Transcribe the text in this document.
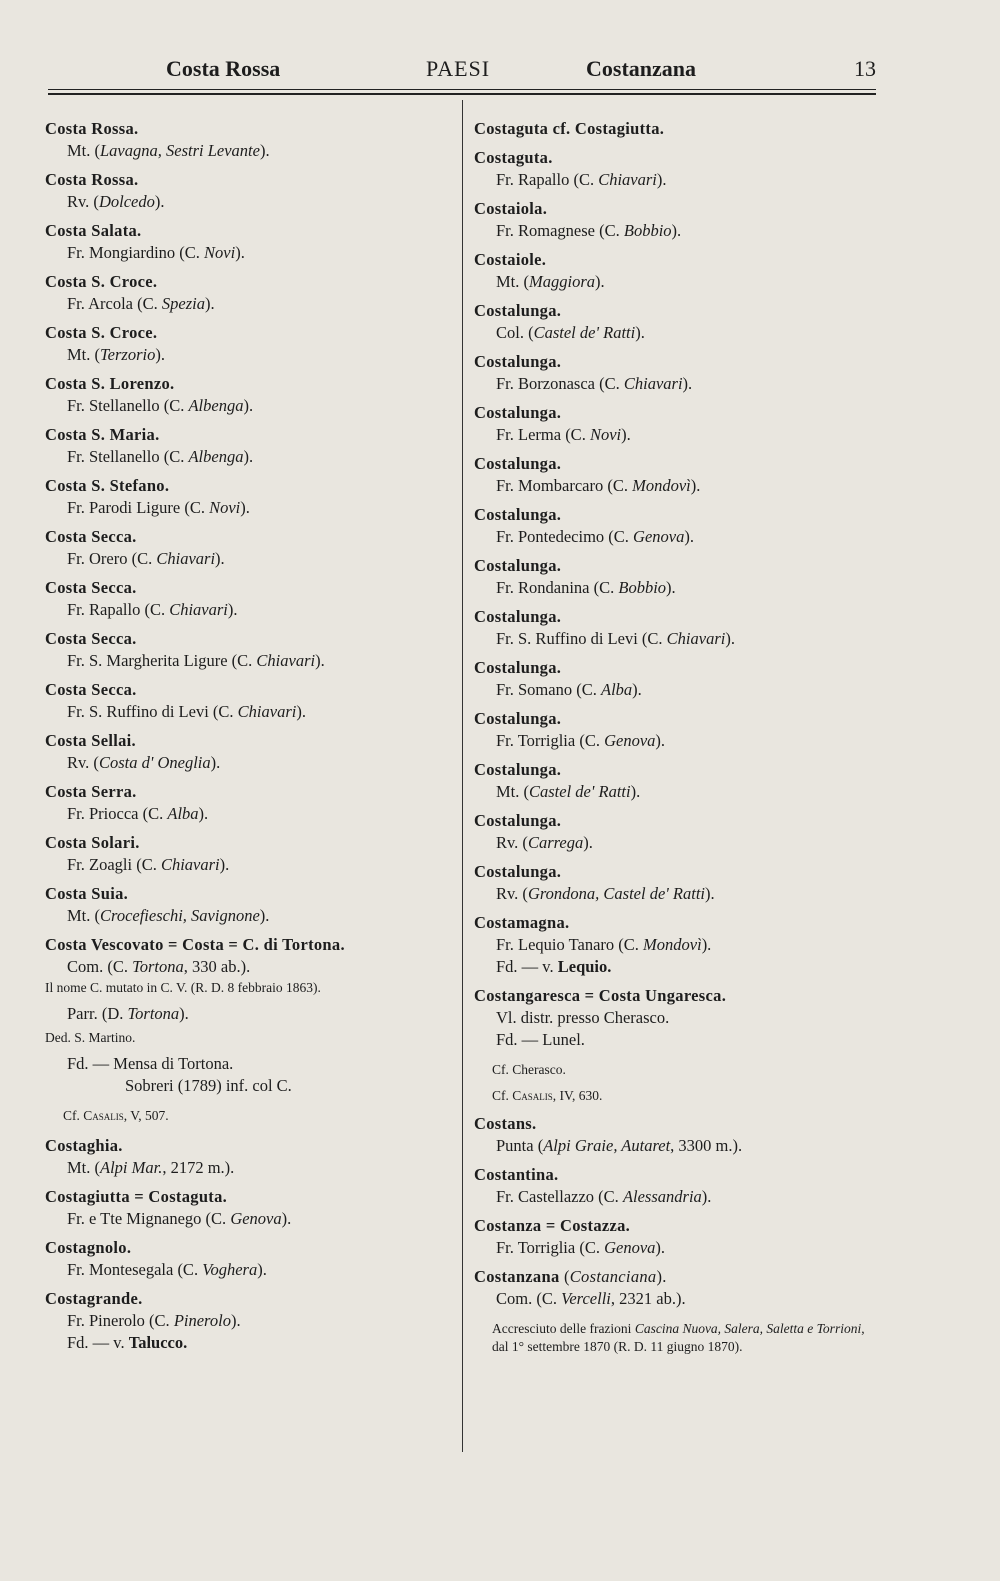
Costa Rossa	PAESI	Costanzana	13
Costa Rossa.
Mt. (Lavagna, Sestri Levante).
Costa Rossa.
Rv. (Dolcedo).
Costa Salata.
Fr. Mongiardino (C. Novi).
Costa S. Croce.
Fr. Arcola (C. Spezia).
Costa S. Croce.
Mt. (Terzorio).
Costa S. Lorenzo.
Fr. Stellanello (C. Albenga).
Costa S. Maria.
Fr. Stellanello (C. Albenga).
Costa S. Stefano.
Fr. Parodi Ligure (C. Novi).
Costa Secca.
Fr. Orero (C. Chiavari).
Costa Secca.
Fr. Rapallo (C. Chiavari).
Costa Secca.
Fr. S. Margherita Ligure (C. Chiavari).
Costa Secca.
Fr. S. Ruffino di Levi (C. Chiavari).
Costa Sellai.
Rv. (Costa d' Oneglia).
Costa Serra.
Fr. Priocca (C. Alba).
Costa Solari.
Fr. Zoagli (C. Chiavari).
Costa Suia.
Mt. (Crocefieschi, Savignone).
Costa Vescovato = Costa = C. di Tortona.
Com. (C. Tortona, 330 ab.).
Il nome C. mutato in C. V. (R. D. 8 febbraio 1863).
Parr. (D. Tortona).
Ded. S. Martino.
Fd. — Mensa di Tortona.
Sobreri (1789) inf. col C.
Cf. Casalis, V, 507.
Costaghia.
Mt. (Alpi Mar., 2172 m.).
Costagiutta = Costaguta.
Fr. e Tte Mignanego (C. Genova).
Costagnolo.
Fr. Montesegala (C. Voghera).
Costagrande.
Fr. Pinerolo (C. Pinerolo).
Fd. — v. Talucco.
Costaguta cf. Costagiutta.
Costaguta.
Fr. Rapallo (C. Chiavari).
Costaiola.
Fr. Romagnese (C. Bobbio).
Costaiole.
Mt. (Maggiora).
Costalunga.
Col. (Castel de' Ratti).
Costalunga.
Fr. Borzonasca (C. Chiavari).
Costalunga.
Fr. Lerma (C. Novi).
Costalunga.
Fr. Mombarcaro (C. Mondovì).
Costalunga.
Fr. Pontedecimo (C. Genova).
Costalunga.
Fr. Rondanina (C. Bobbio).
Costalunga.
Fr. S. Ruffino di Levi (C. Chiavari).
Costalunga.
Fr. Somano (C. Alba).
Costalunga.
Fr. Torriglia (C. Genova).
Costalunga.
Mt. (Castel de' Ratti).
Costalunga.
Rv. (Carrega).
Costalunga.
Rv. (Grondona, Castel de' Ratti).
Costamagna.
Fr. Lequio Tanaro (C. Mondovì).
Fd. — v. Lequio.
Costangaresca = Costa Ungaresca.
Vl. distr. presso Cherasco.
Fd. — Lunel.
Cf. Cherasco.
Cf. Casalis, IV, 630.
Costans.
Punta (Alpi Graie, Autaret, 3300 m.).
Costantina.
Fr. Castellazzo (C. Alessandria).
Costanza = Costazza.
Fr. Torriglia (C. Genova).
Costanzana (Costanciana).
Com. (C. Vercelli, 2321 ab.).
Accresciuto delle frazioni Cascina Nuova, Salera, Saletta e Torrioni, dal 1° settembre 1870 (R. D. 11 giugno 1870).
